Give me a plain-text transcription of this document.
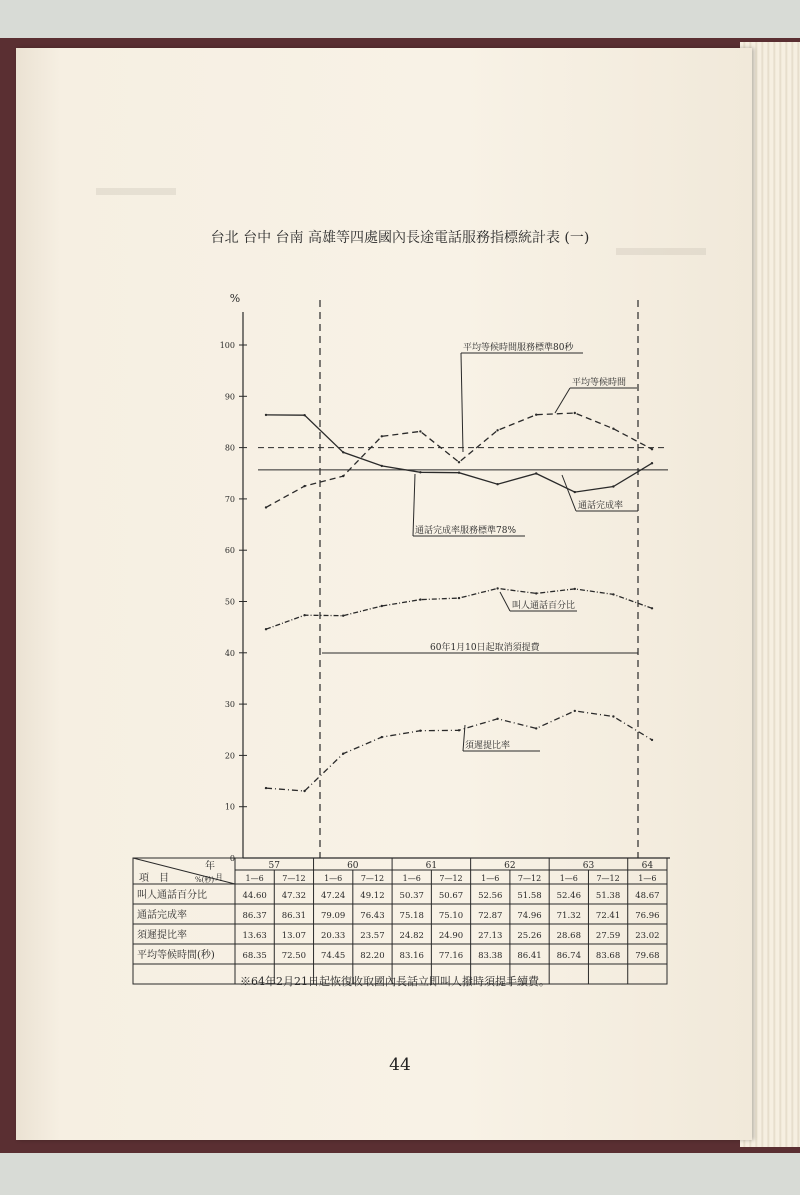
台北 台中 台南 高雄等四處國內長途電話服務指標統計表 (一)
%
0
10
20
30
40
50
60
70
80
90
100	平均等候時間服務標準80秒
通話完成率服務標準78%
平均等候時間
通話完成率
叫人通話百分比
60年1月10日起取消須提費
須遲提比率
年
月
項　目	%(秒)
57	60	61	62	63	64
1—6 7—12 1—6 7—12 1—6 7—12 1—6 7—12 1—6 7—12 1—6
叫人通話百分比	44.60 47.32 47.24 49.12 50.37 50.67 52.56 51.58 52.46 51.38 48.67
通話完成率	86.37 86.31 79.09 76.43 75.18 75.10 72.87 74.96 71.32 72.41 76.96
須遲提比率	13.63 13.07 20.33 23.57 24.82 24.90 27.13 25.26 28.68 27.59 23.02
平均等候時間(秒)	68.35 72.50 74.45 82.20 83.16 77.16 83.38 86.41 86.74 83.68 79.68
※64年2月21日起恢復收取國內長話立即叫人撥時須提手續費。
44
